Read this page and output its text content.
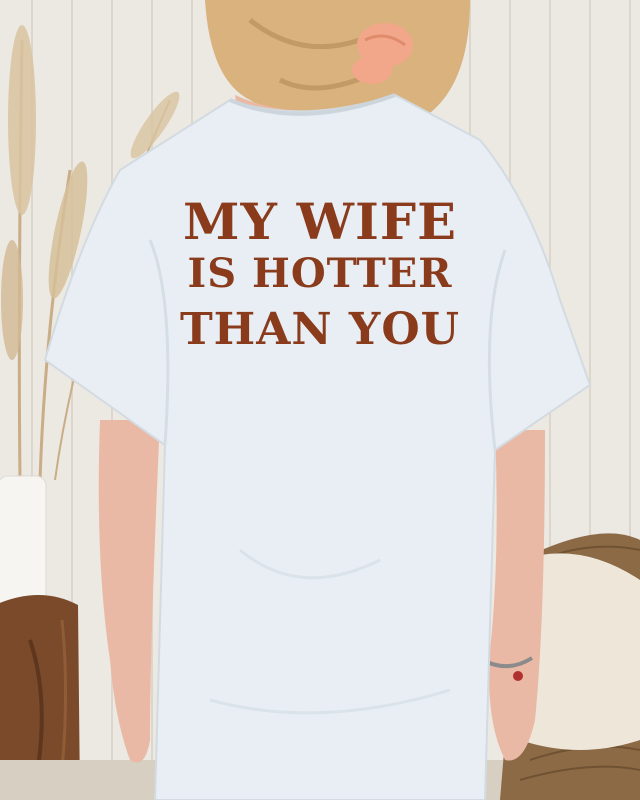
MY WIFE
IS HOTTER
THAN YOU
